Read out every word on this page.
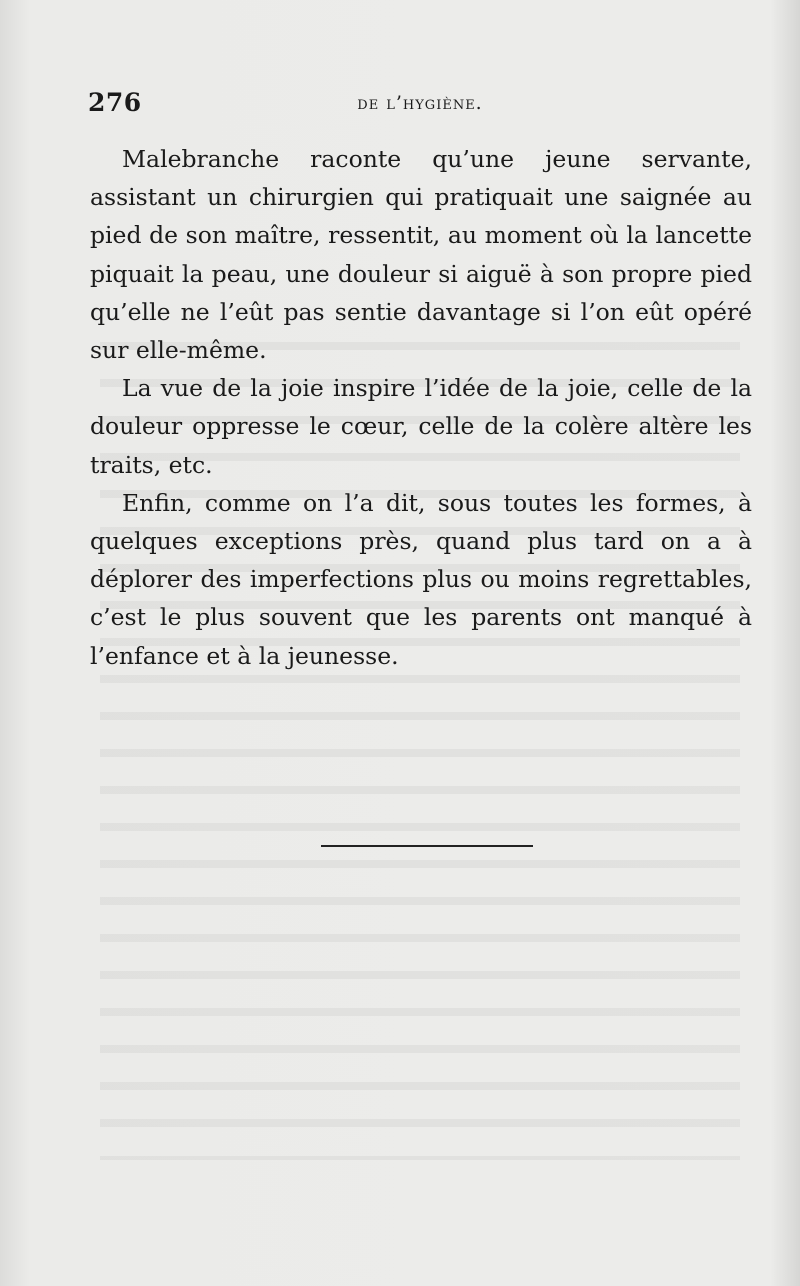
276	de l’hygiène.

Malebranche raconte qu’une jeune servante, assistant un chirurgien qui pratiquait une saignée au pied de son maître, ressentit, au moment où la lancette piquait la peau, une douleur si aiguë à son propre pied qu’elle ne l’eût pas sentie davantage si l’on eût opéré sur elle-même.

La vue de la joie inspire l’idée de la joie, celle de la douleur oppresse le cœur, celle de la colère altère les traits, etc.

Enfin, comme on l’a dit, sous toutes les formes, à quelques exceptions près, quand plus tard on a à déplorer des imperfections plus ou moins regrettables, c’est le plus souvent que les parents ont manqué à l’enfance et à la jeunesse.
